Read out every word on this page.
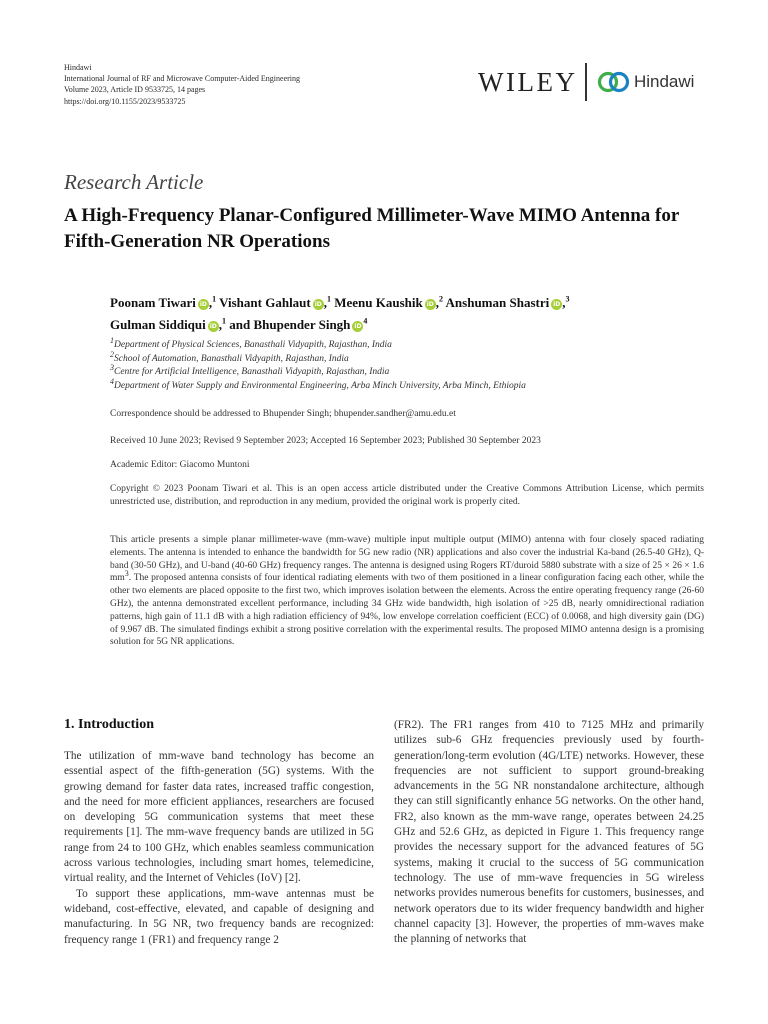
Hindawi
International Journal of RF and Microwave Computer-Aided Engineering
Volume 2023, Article ID 9533725, 14 pages
https://doi.org/10.1155/2023/9533725
WILEY	Hindawi
Research Article
A High-Frequency Planar-Configured Millimeter-Wave MIMO Antenna for Fifth-Generation NR Operations
Poonam Tiwari iD ,$^1$ Vishant Gahlaut iD ,$^1$ Meenu Kaushik iD ,$^2$ Anshuman Shastri iD ,$^3$
Gulman Siddiqui iD ,$^1$ and Bhupender Singh $iD^4$
$^1$Department of Physical Sciences, Banasthali Vidyapith, Rajasthan, India
$^2$School of Automation, Banasthali Vidyapith, Rajasthan, India
$^3$Centre for Artificial Intelligence, Banasthali Vidyapith, Rajasthan, India
$^4$Department of Water Supply and Environmental Engineering, Arba Minch University, Arba Minch, Ethiopia
Correspondence should be addressed to Bhupender Singh; bhupender.sandher@amu.edu.et
Received 10 June 2023; Revised 9 September 2023; Accepted 16 September 2023; Published 30 September 2023
Academic Editor: Giacomo Muntoni
Copyright © 2023 Poonam Tiwari et al. This is an open access article distributed under the Creative Commons Attribution License, which permits unrestricted use, distribution, and reproduction in any medium, provided the original work is properly cited.
This article presents a simple planar millimeter-wave (mm-wave) multiple input multiple output (MIMO) antenna with four closely spaced radiating elements. The antenna is intended to enhance the bandwidth for 5G new radio (NR) applications and also cover the industrial Ka-band (26.5-40 GHz), Q-band (30-50 GHz), and U-band (40-60 GHz) frequency ranges. The antenna is designed using Rogers RT/duroid 5880 substrate with a size of 25 × 26 × 1.6 $mm^3$. The proposed antenna consists of four identical radiating elements with two of them positioned in a linear configuration facing each other, while the other two elements are placed opposite to the first two, which improves isolation between the elements. Across the entire operating frequency range (26-60 GHz), the antenna demonstrated excellent performance, including 34 GHz wide bandwidth, high isolation of >25 dB, nearly omnidirectional radiation patterns, high gain of 11.1 dB with a high radiation efficiency of 94%, low envelope correlation coefficient (ECC) of 0.0068, and high diversity gain (DG) of 9.967 dB. The simulated findings exhibit a strong positive correlation with the experimental results. The proposed MIMO antenna design is a promising solution for 5G NR applications.
1. Introduction

The utilization of mm-wave band technology has become an essential aspect of the fifth-generation (5G) systems. With the growing demand for faster data rates, increased traffic congestion, and the need for more efficient appliances, researchers are focused on developing 5G communication systems that meet these requirements [1]. The mm-wave frequency bands are utilized in 5G range from 24 to 100 GHz, which enables seamless communication across various technologies, including smart homes, telemedicine, virtual reality, and the Internet of Vehicles (IoV) [2].

To support these applications, mm-wave antennas must be wideband, cost-effective, elevated, and capable of designing and manufacturing. In 5G NR, two frequency bands are recognized: frequency range 1 (FR1) and frequency range 2

(FR2). The FR1 ranges from 410 to 7125 MHz and primarily utilizes sub-6 GHz frequencies previously used by fourth-generation/long-term evolution (4G/LTE) networks. However, these frequencies are not sufficient to support ground-breaking advancements in the 5G NR nonstandalone architecture, although they can still significantly enhance 5G networks. On the other hand, FR2, also known as the mm-wave range, operates between 24.25 GHz and 52.6 GHz, as depicted in Figure 1. This frequency range provides the necessary support for the advanced features of 5G systems, making it crucial to the success of 5G communication technology. The use of mm-wave frequencies in 5G wireless networks provides numerous benefits for customers, businesses, and network operators due to its wider frequency bandwidth and higher channel capacity [3]. However, the properties of mm-waves make the planning of networks that
